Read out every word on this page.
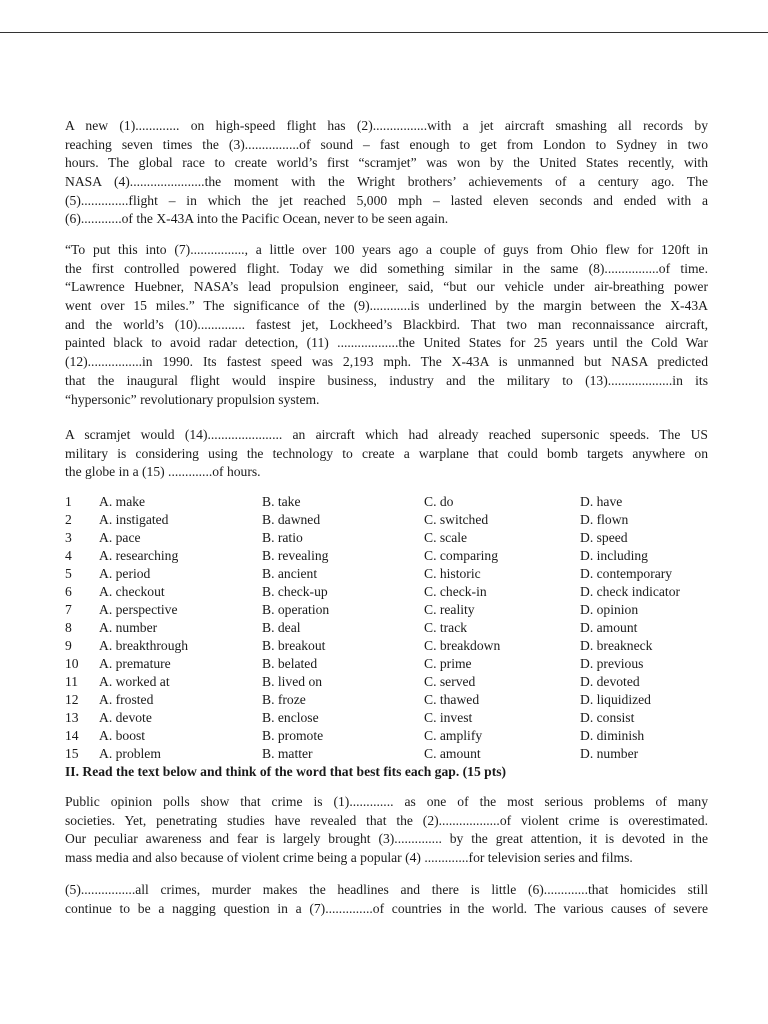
A new (1)............. on high-speed flight has (2)................with a jet aircraft smashing all records by
reaching seven times the (3)................of sound – fast enough to get from London to Sydney in two
hours. The global race to create world’s first “scramjet” was won by the United States recently, with
NASA (4)......................the moment with the Wright brothers’ achievements of a century ago. The
(5)..............flight – in which the jet reached 5,000 mph – lasted eleven seconds and ended with a
(6)............of the X-43A into the Pacific Ocean, never to be seen again.
“To put this into (7)................, a little over 100 years ago a couple of guys from Ohio flew for 120ft in
the first controlled powered flight. Today we did something similar in the same (8)................of time.
“Lawrence Huebner, NASA’s lead propulsion engineer, said, “but our vehicle under air-breathing power
went over 15 miles.” The significance of the (9)............is underlined by the margin between the X-43A
and the world’s (10).............. fastest jet, Lockheed’s Blackbird. That two man reconnaissance aircraft,
painted black to avoid radar detection, (11) ..................the United States for 25 years until the Cold War
(12)................in 1990. Its fastest speed was 2,193 mph. The X-43A is unmanned but NASA predicted
that the inaugural flight would inspire business, industry and the military to (13)...................in its
“hypersonic” revolutionary propulsion system.
A scramjet would (14)...................... an aircraft which had already reached supersonic speeds. The US
military is considering using the technology to create a warplane that could bomb targets anywhere on
the globe in a (15) .............of hours.
1 A. make	B. take	C. do	D. have
2 A. instigated	B. dawned	C. switched	D. flown
3 A. pace	B. ratio	C. scale	D. speed
4 A. researching	B. revealing	C. comparing	D. including
5 A. period	B. ancient	C. historic	D. contemporary
6 A. checkout	B. check-up	C. check-in	D. check indicator
7 A. perspective	B. operation	C. reality	D. opinion
8 A. number	B. deal	C. track	D. amount
9 A. breakthrough	B. breakout	C. breakdown	D. breakneck
10 A. premature	B. belated	C. prime	D. previous
11 A. worked at	B. lived on	C. served	D. devoted
12 A. frosted	B. froze	C. thawed	D. liquidized
13 A. devote	B. enclose	C. invest	D. consist
14 A. boost	B. promote	C. amplify	D. diminish
15 A. problem	B. matter	C. amount	D. number
II. Read the text below and think of the word that best fits each gap. (15 pts)
Public opinion polls show that crime is (1)............. as one of the most serious problems of many
societies. Yet, penetrating studies have revealed that the (2)..................of violent crime is overestimated.
Our peculiar awareness and fear is largely brought (3).............. by the great attention, it is devoted in the
mass media and also because of violent crime being a popular (4) .............for television series and films.
(5)................all crimes, murder makes the headlines and there is little (6).............that homicides still
continue to be a nagging question in a (7)..............of countries in the world. The various causes of severe
